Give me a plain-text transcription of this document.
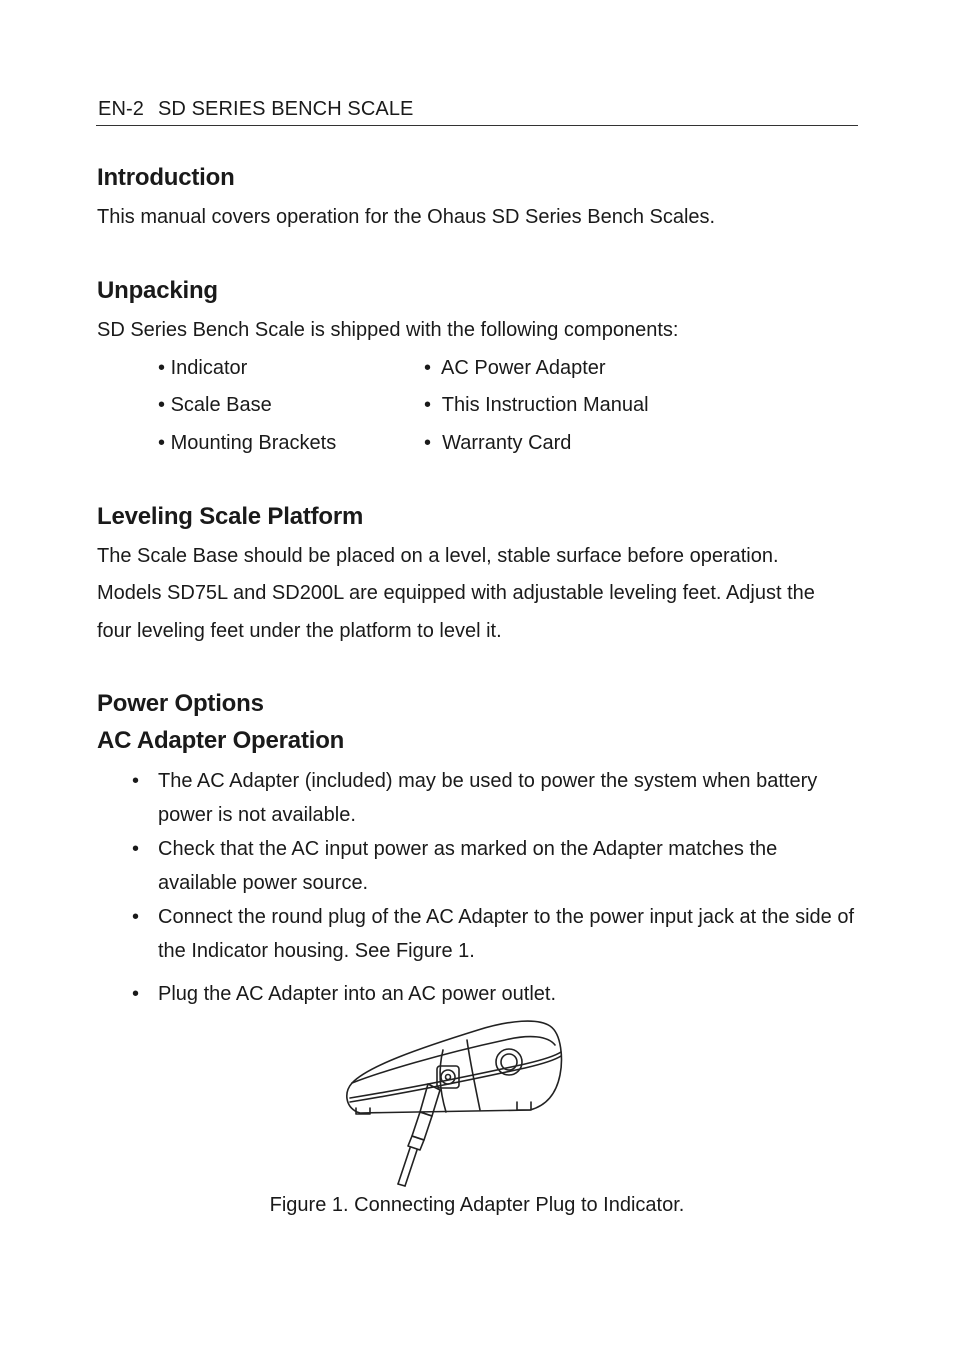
EN-2 SD SERIES BENCH SCALE
Introduction
This manual covers operation for the Ohaus SD Series Bench Scales.
Unpacking
SD Series Bench Scale is shipped with the following components:
• Indicator
• Scale Base
• Mounting Brackets
• AC Power Adapter
• This Instruction Manual
• Warranty Card
Leveling Scale Platform
The Scale Base should be placed on a level, stable surface before operation.
Models SD75L and SD200L are equipped with adjustable leveling feet. Adjust the
four leveling feet under the platform to level it.
Power Options
AC Adapter Operation
• The AC Adapter (included) may be used to power the system when battery
power is not available.
• Check that the AC input power as marked on the Adapter matches the
available power source.
• Connect the round plug of the AC Adapter to the power input jack at the side of
the Indicator housing. See Figure 1.
• Plug the AC Adapter into an AC power outlet.
Figure 1. Connecting Adapter Plug to Indicator.
